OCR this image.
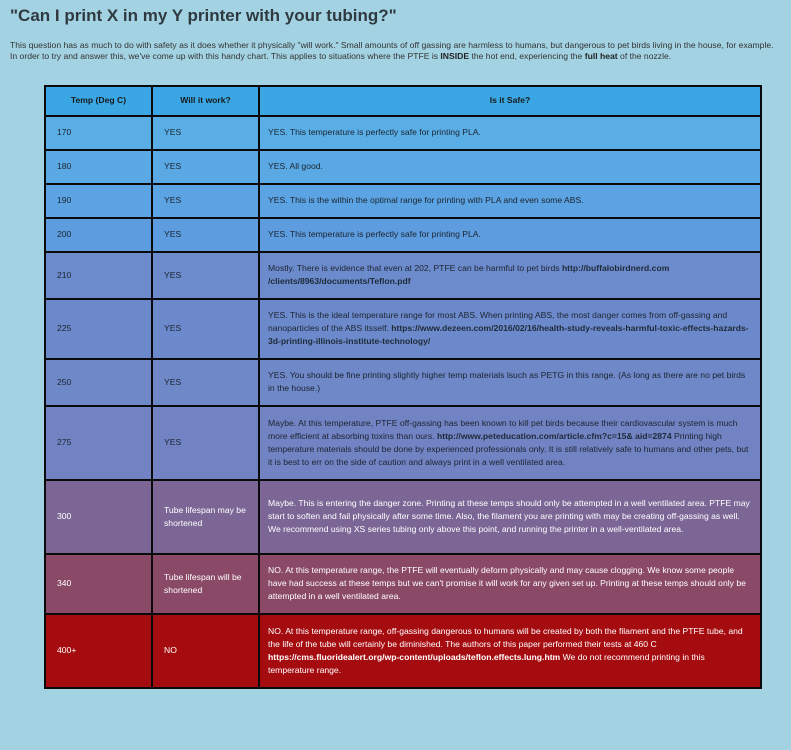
"Can I print X in my Y printer with your tubing?"

This question has as much to do with safety as it does whether it physically "will work." Small amounts of off gassing are harmless to humans, but dangerous to pet birds living in the house, for example.

In order to try and answer this, we've come up with this handy chart. This applies to situations where the PTFE is INSIDE the hot end, experiencing the full heat of the nozzle.

Temp (Deg C)	Will it work?	Is it Safe?
170	YES	YES. This temperature is perfectly safe for printing PLA.
180	YES	YES. All good.
190	YES	YES. This is the within the optimal range for printing with PLA and even some ABS.
200	YES	YES. This temperature is perfectly safe for printing PLA.
210	YES	Mostly. There is evidence that even at 202, PTFE can be harmful to pet birds http://buffalobirdnerd.com /clients/8963/documents/Teflon.pdf
225	YES	YES. This is the ideal temperature range for most ABS. When printing ABS, the most danger comes from off-gassing and nanoparticles of the ABS itsself. https://www.dezeen.com/2016/02/16/health-study-reveals-harmful-toxic-effects-hazards-3d-printing-illinois-institute-technology/
250	YES	YES. You should be fine printing slightly higher temp materials lsuch as PETG in this range. (As long as there are no pet birds in the house.)
275	YES	Maybe. At this temperature, PTFE off-gassing has been known to kill pet birds because their cardiovascular system is much more efficient at absorbing toxins than ours. http://www.peteducation.com/article.cfm?c=15& aid=2874 Printing high temperature materials should be done by experienced professionals only. It is still relatively safe to humans and other pets, but it is best to err on the side of caution and always print in a well ventilated area.
300	Tube lifespan may be shortened	Maybe. This is entering the danger zone. Printing at these temps should only be attempted in a well ventilated area. PTFE may start to soften and fail physically after some time. Also, the filament you are printing with may be creating off-gassing as well. We recommend using XS series tubing only above this point, and running the printer in a well-ventilated area.
340	Tube lifespan will be shortened	NO. At this temperature range, the PTFE will eventually deform physically and may cause clogging. We know some people have had success at these temps but we can't promise it will work for any given set up. Printing at these temps should only be attempted in a well ventilated area.
400+	NO	NO. At this temperature range, off-gassing dangerous to humans will be created by both the filament and the PTFE tube, and the life of the tube will certainly be diminished. The authors of this paper performed their tests at 460 C https://cms.fluoridealert.org/wp-content/uploads/teflon.effects.lung.htm We do not recommend printing in this temperature range.
